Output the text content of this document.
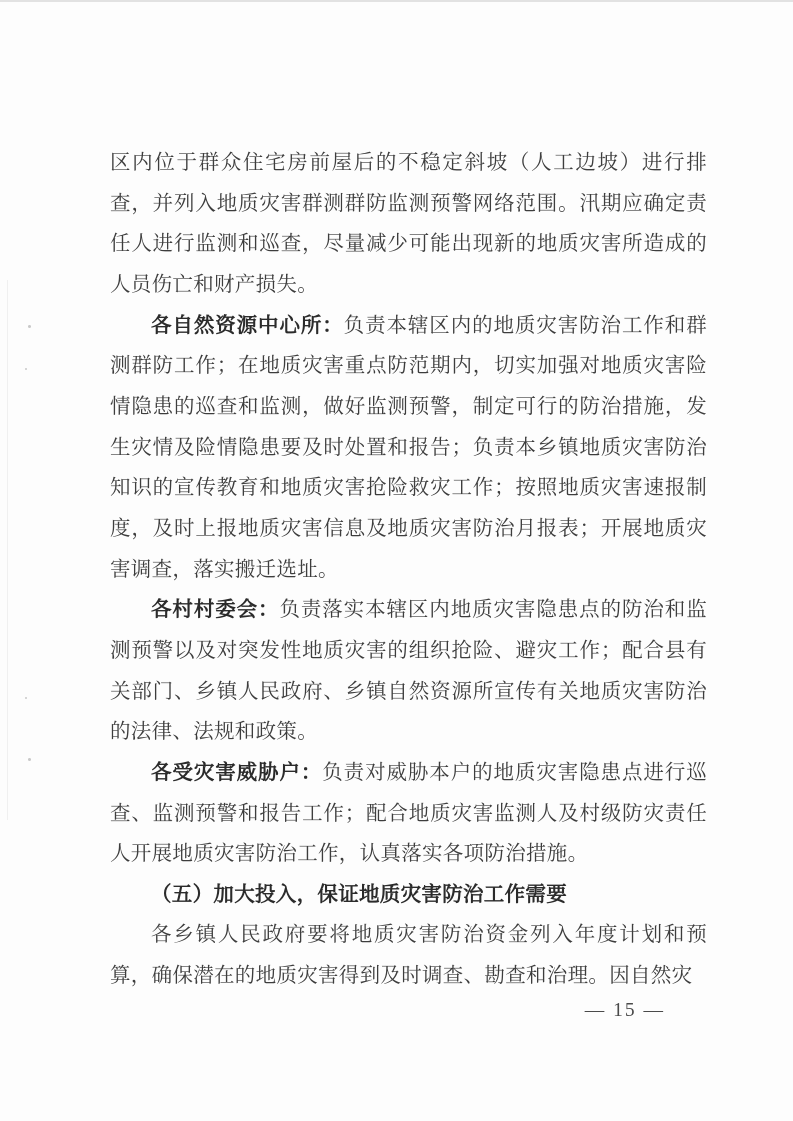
区内位于群众住宅房前屋后的不稳定斜坡（人工边坡）进行排查，并列入地质灾害群测群防监测预警网络范围。汛期应确定责任人进行监测和巡查，尽量减少可能出现新的地质灾害所造成的人员伤亡和财产损失。

各自然资源中心所：负责本辖区内的地质灾害防治工作和群测群防工作；在地质灾害重点防范期内，切实加强对地质灾害险情隐患的巡查和监测，做好监测预警，制定可行的防治措施，发生灾情及险情隐患要及时处置和报告；负责本乡镇地质灾害防治知识的宣传教育和地质灾害抢险救灾工作；按照地质灾害速报制度，及时上报地质灾害信息及地质灾害防治月报表；开展地质灾害调查，落实搬迁选址。

各村村委会：负责落实本辖区内地质灾害隐患点的防治和监测预警以及对突发性地质灾害的组织抢险、避灾工作；配合县有关部门、乡镇人民政府、乡镇自然资源所宣传有关地质灾害防治的法律、法规和政策。

各受灾害威胁户：负责对威胁本户的地质灾害隐患点进行巡查、监测预警和报告工作；配合地质灾害监测人及村级防灾责任人开展地质灾害防治工作，认真落实各项防治措施。

（五）加大投入，保证地质灾害防治工作需要

各乡镇人民政府要将地质灾害防治资金列入年度计划和预算，确保潜在的地质灾害得到及时调查、勘查和治理。因自然灾

— 15 —
